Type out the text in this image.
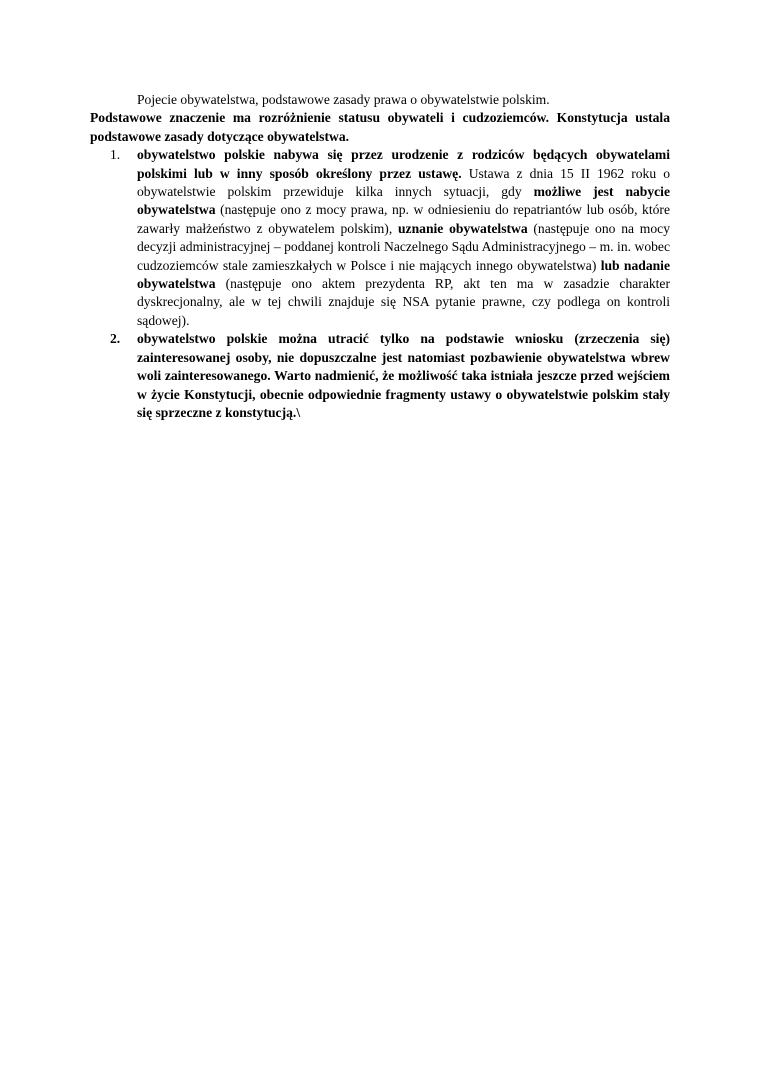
Pojecie obywatelstwa, podstawowe zasady prawa o obywatelstwie polskim.

Podstawowe znaczenie ma rozróżnienie statusu obywateli i cudzoziemców. Konstytucja ustala podstawowe zasady dotyczące obywatelstwa.

1. obywatelstwo polskie nabywa się przez urodzenie z rodziców będących obywatelami polskimi lub w inny sposób określony przez ustawę. Ustawa z dnia 15 II 1962 roku o obywatelstwie polskim przewiduje kilka innych sytuacji, gdy możliwe jest nabycie obywatelstwa (następuje ono z mocy prawa, np. w odniesieniu do repatriantów lub osób, które zawarły małżeństwo z obywatelem polskim), uznanie obywatelstwa (następuje ono na mocy decyzji administracyjnej – poddanej kontroli Naczelnego Sądu Administracyjnego – m. in. wobec cudzoziemców stale zamieszkałych w Polsce i nie mających innego obywatelstwa) lub nadanie obywatelstwa (następuje ono aktem prezydenta RP, akt ten ma w zasadzie charakter dyskrecjonalny, ale w tej chwili znajduje się NSA pytanie prawne, czy podlega on kontroli sądowej).
2. obywatelstwo polskie można utracić tylko na podstawie wniosku (zrzeczenia się) zainteresowanej osoby, nie dopuszczalne jest natomiast pozbawienie obywatelstwa wbrew woli zainteresowanego. Warto nadmienić, że możliwość taka istniała jeszcze przed wejściem w życie Konstytucji, obecnie odpowiednie fragmenty ustawy o obywatelstwie polskim stały się sprzeczne z konstytucją.\
